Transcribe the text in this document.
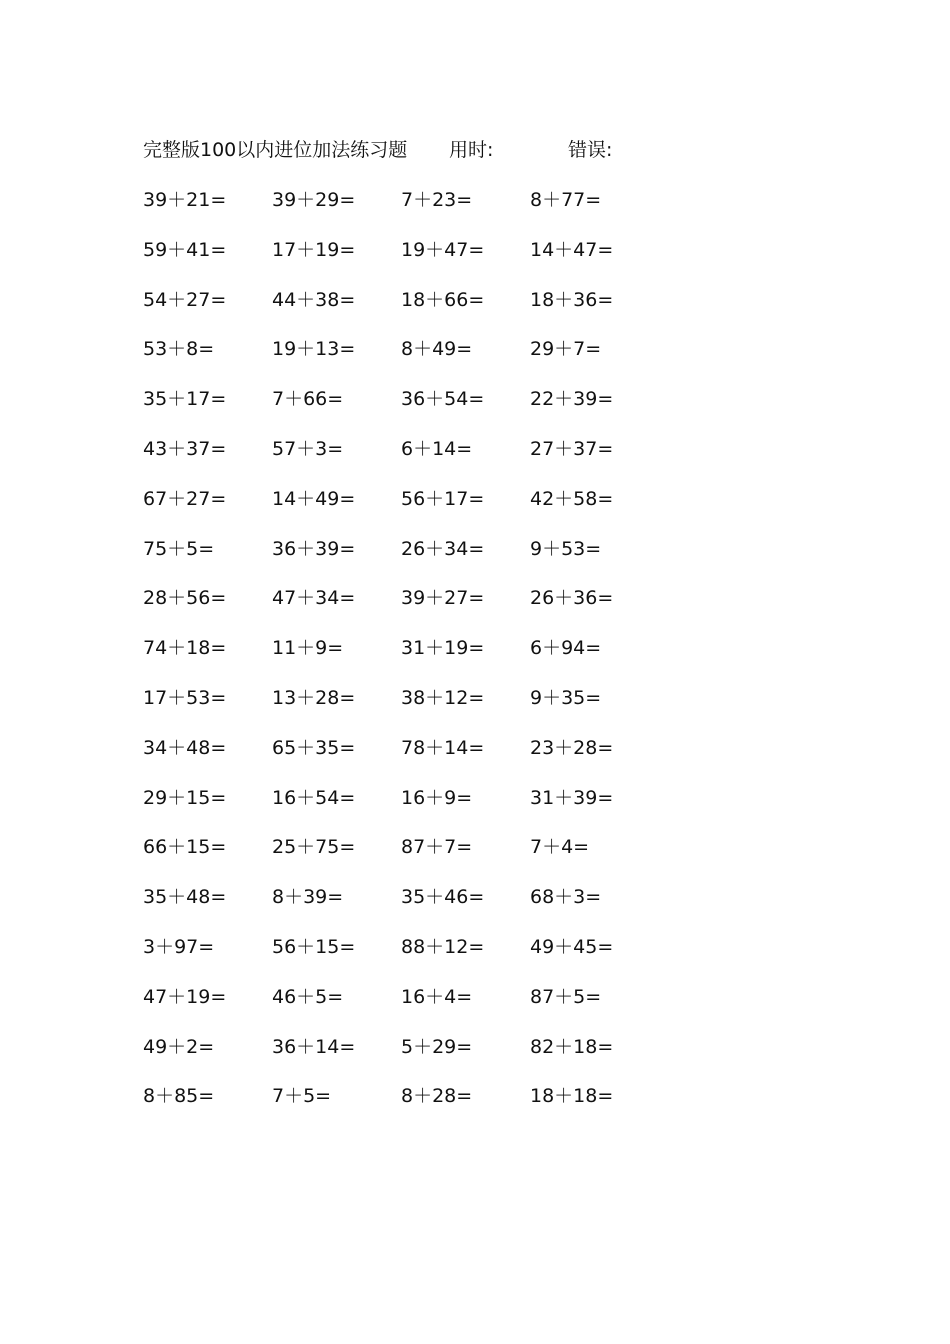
完整版100以内进位加法练习题 用时:	错误:
39＋21= 39＋29= 7＋23=	8＋77=
59＋41= 17＋19= 19＋47= 14＋47=
54＋27= 44＋38= 18＋66= 18＋36=
53＋8=	19＋13= 8＋49=	29＋7=
35＋17= 7＋66=	36＋54= 22＋39=
43＋37= 57＋3=	6＋14=	27＋37=
67＋27= 14＋49= 56＋17= 42＋58=
75＋5=	36＋39= 26＋34= 9＋53=
28＋56= 47＋34= 39＋27= 26＋36=
74＋18= 11＋9=	31＋19= 6＋94=
17＋53= 13＋28= 38＋12= 9＋35=
34＋48= 65＋35= 78＋14= 23＋28=
29＋15= 16＋54= 16＋9=	31＋39=
66＋15= 25＋75= 87＋7=	7＋4=
35＋48= 8＋39=	35＋46= 68＋3=
3＋97=	56＋15= 88＋12= 49＋45=
47＋19= 46＋5=	16＋4=	87＋5=
49＋2=	36＋14= 5＋29=	82＋18=
8＋85=	7＋5=	8＋28=	18＋18=
